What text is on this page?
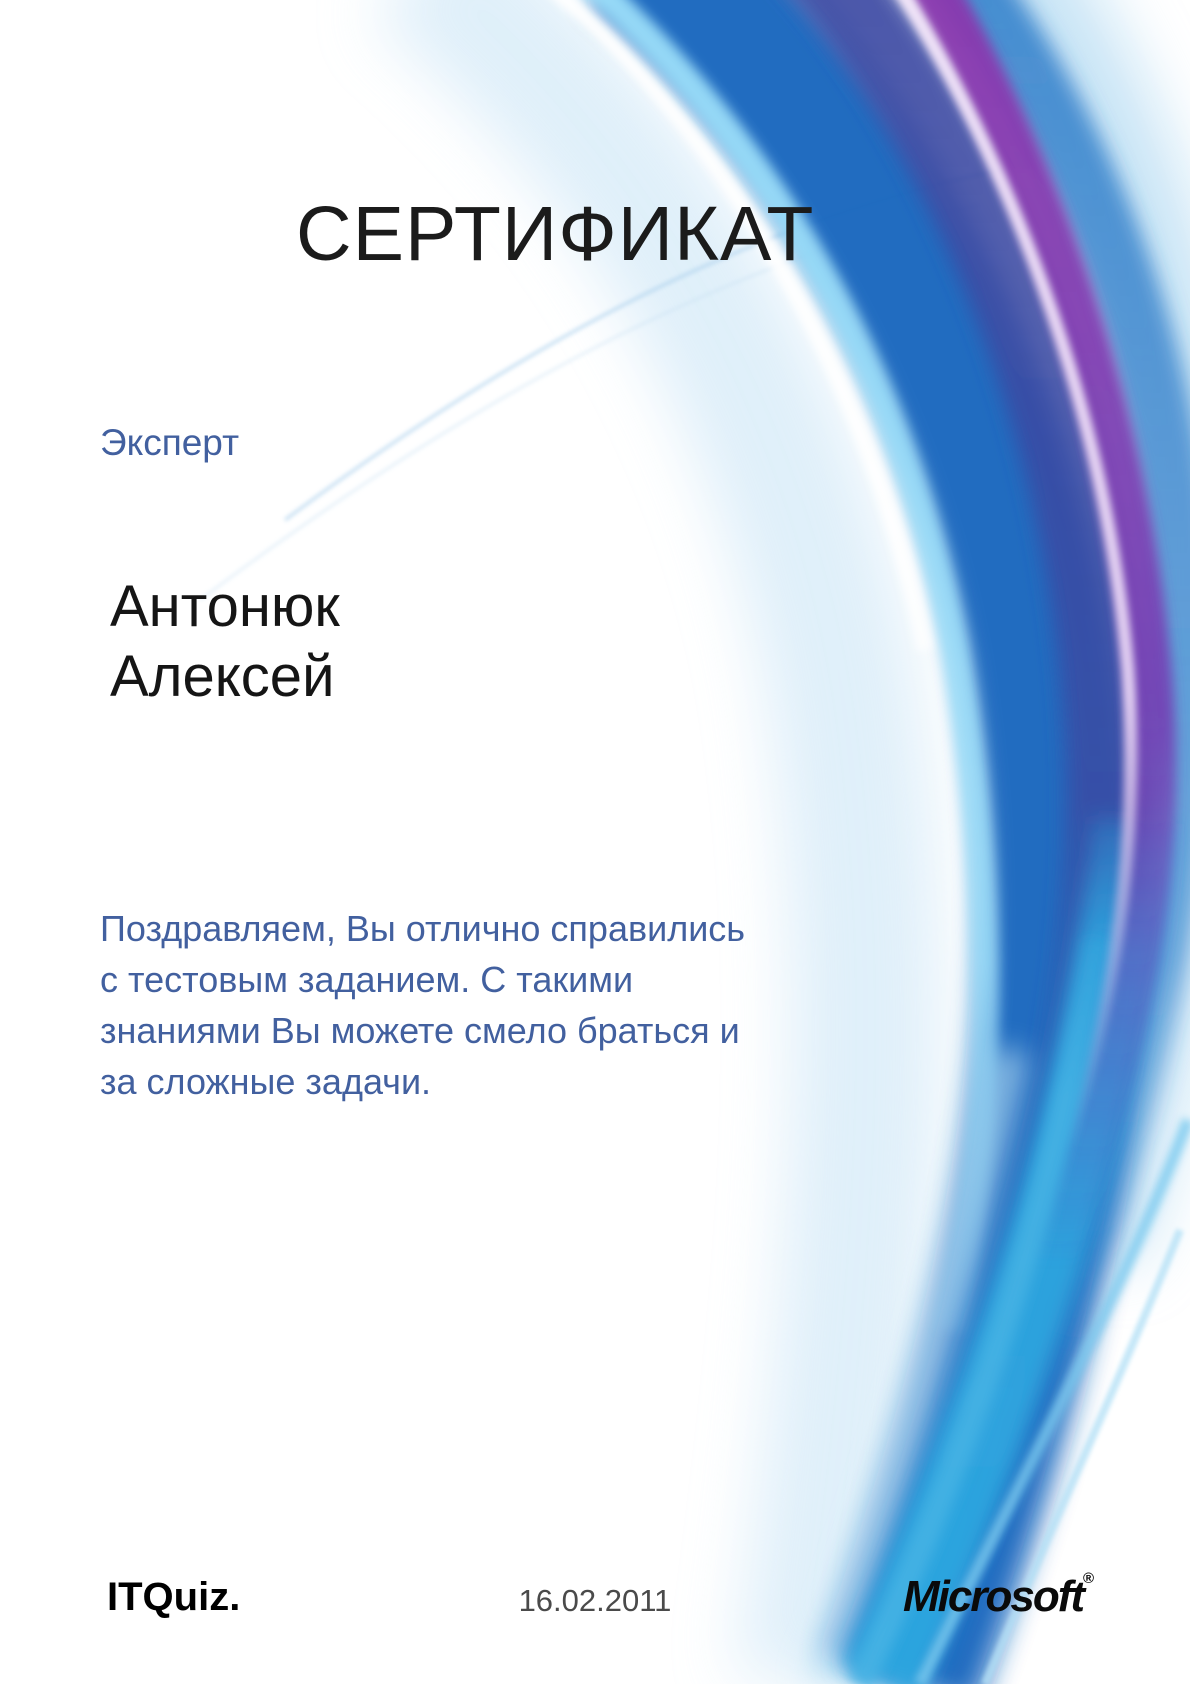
СЕРТИФИКАТ
Эксперт
Антонюк
Алексей
Поздравляем, Вы отлично справились
с тестовым заданием. С такими
знаниями Вы можете смело браться и
за сложные задачи.
ITQuiz.	16.02.2011	Microsoft®
